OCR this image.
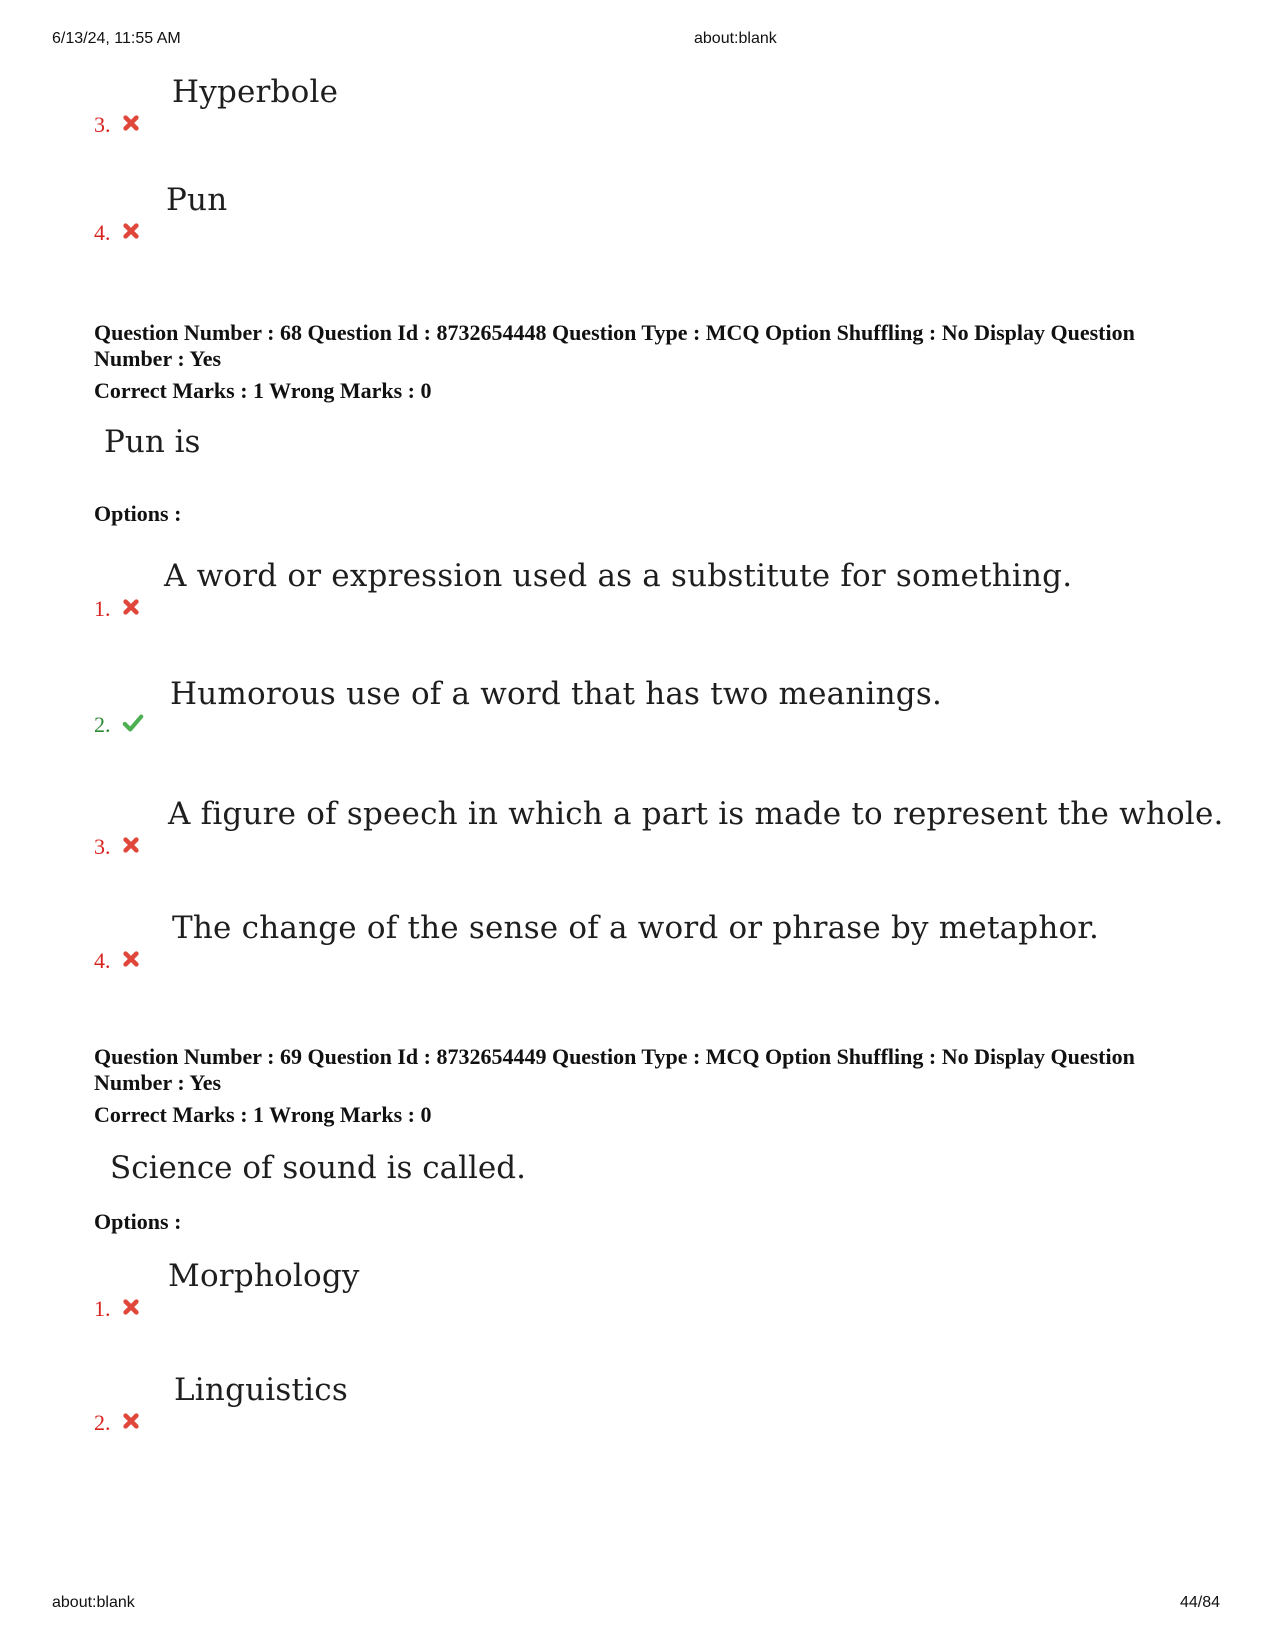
6/13/24, 11:55 AM	about:blank
3.
Hyperbole
4.
Pun
Question Number : 68 Question Id : 8732654448 Question Type : MCQ Option Shuffling : No Display Question Number : Yes
Correct Marks : 1 Wrong Marks : 0
Pun is
Options :
1.
A word or expression used as a substitute for something.
2.
Humorous use of a word that has two meanings.
3.
A figure of speech in which a part is made to represent the whole.
4.
The change of the sense of a word or phrase by metaphor.
Question Number : 69 Question Id : 8732654449 Question Type : MCQ Option Shuffling : No Display Question Number : Yes
Correct Marks : 1 Wrong Marks : 0
Science of sound is called.
Options :
1.
Morphology
2.
Linguistics
about:blank	44/84
